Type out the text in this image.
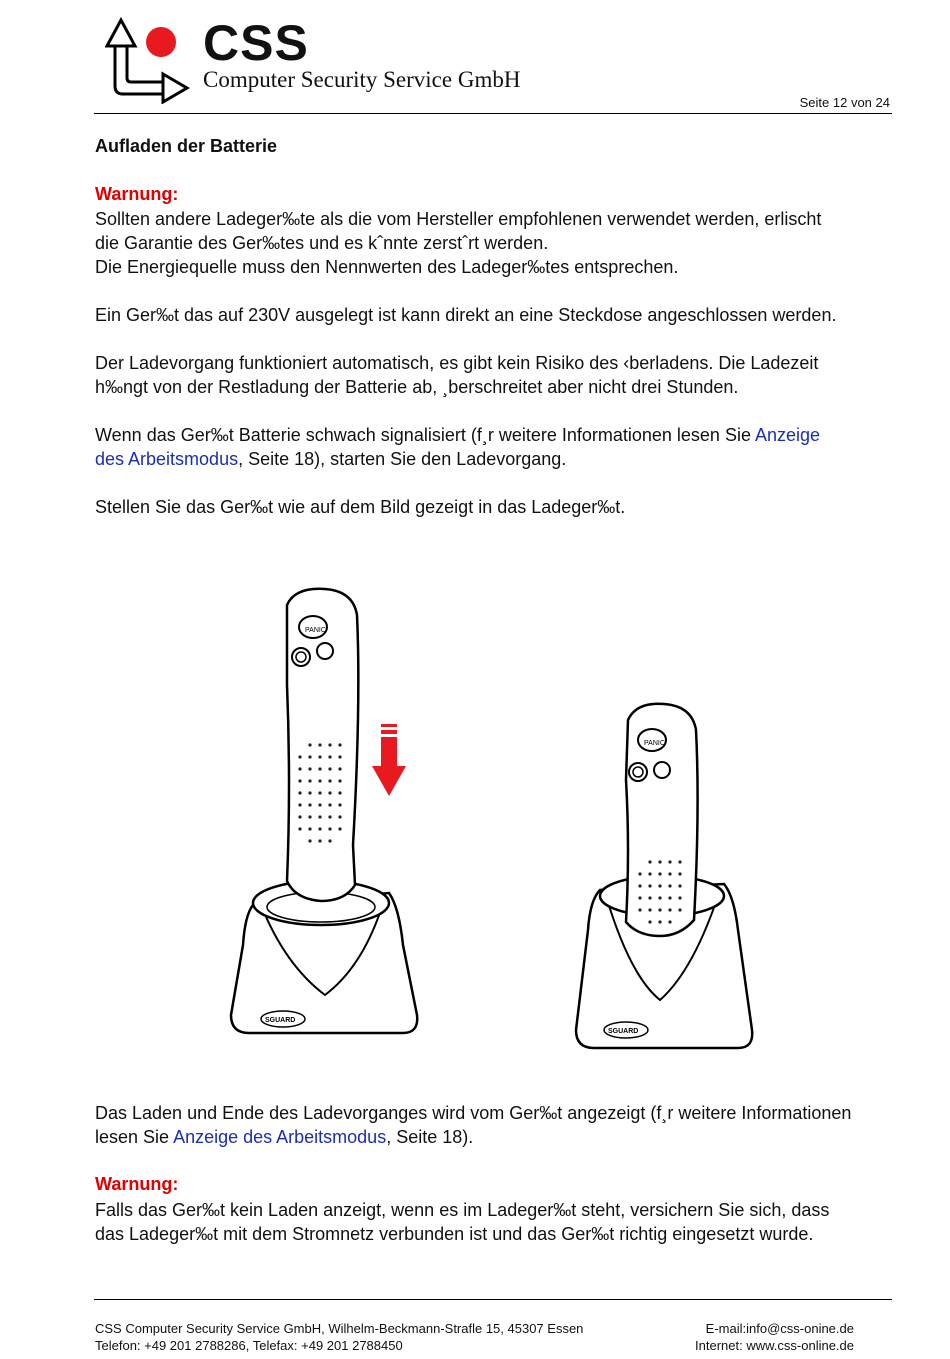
CSS
Computer Security Service GmbH
Seite 12 von 24
Aufladen der Batterie
Warnung:
Sollten andere Ladeger‰te als die vom Hersteller empfohlenen verwendet werden, erlischt
die Garantie des Ger‰tes und es kˆnnte zerstˆrt werden.
Die Energiequelle muss den Nennwerten des Ladeger‰tes entsprechen.
Ein Ger‰t das auf 230V ausgelegt ist kann direkt an eine Steckdose angeschlossen werden.
Der Ladevorgang funktioniert automatisch, es gibt kein Risiko des ‹berladens. Die Ladezeit
h‰ngt von der Restladung der Batterie ab, ¸berschreitet aber nicht drei Stunden.
Wenn das Ger‰t Batterie schwach signalisiert (f¸r weitere Informationen lesen Sie Anzeige
des Arbeitsmodus, Seite 18), starten Sie den Ladevorgang.
Stellen Sie das Ger‰t wie auf dem Bild gezeigt in das Ladeger‰t.
PANIC
SGUARD
PANIC
SGUARD
Das Laden und Ende des Ladevorganges wird vom Ger‰t angezeigt (f¸r weitere Informationen
lesen Sie Anzeige des Arbeitsmodus, Seite 18).
Warnung:
Falls das Ger‰t kein Laden anzeigt, wenn es im Ladeger‰t steht, versichern Sie sich, dass
das Ladeger‰t mit dem Stromnetz verbunden ist und das Ger‰t richtig eingesetzt wurde.
CSS Computer Security Service GmbH, Wilhelm-Beckmann-Straﬂe 15, 45307 Essen
Telefon: +49 201 2788286, Telefax: +49 201 2788450
E-mail:info@css-onine.de
Internet: www.css-online.de
